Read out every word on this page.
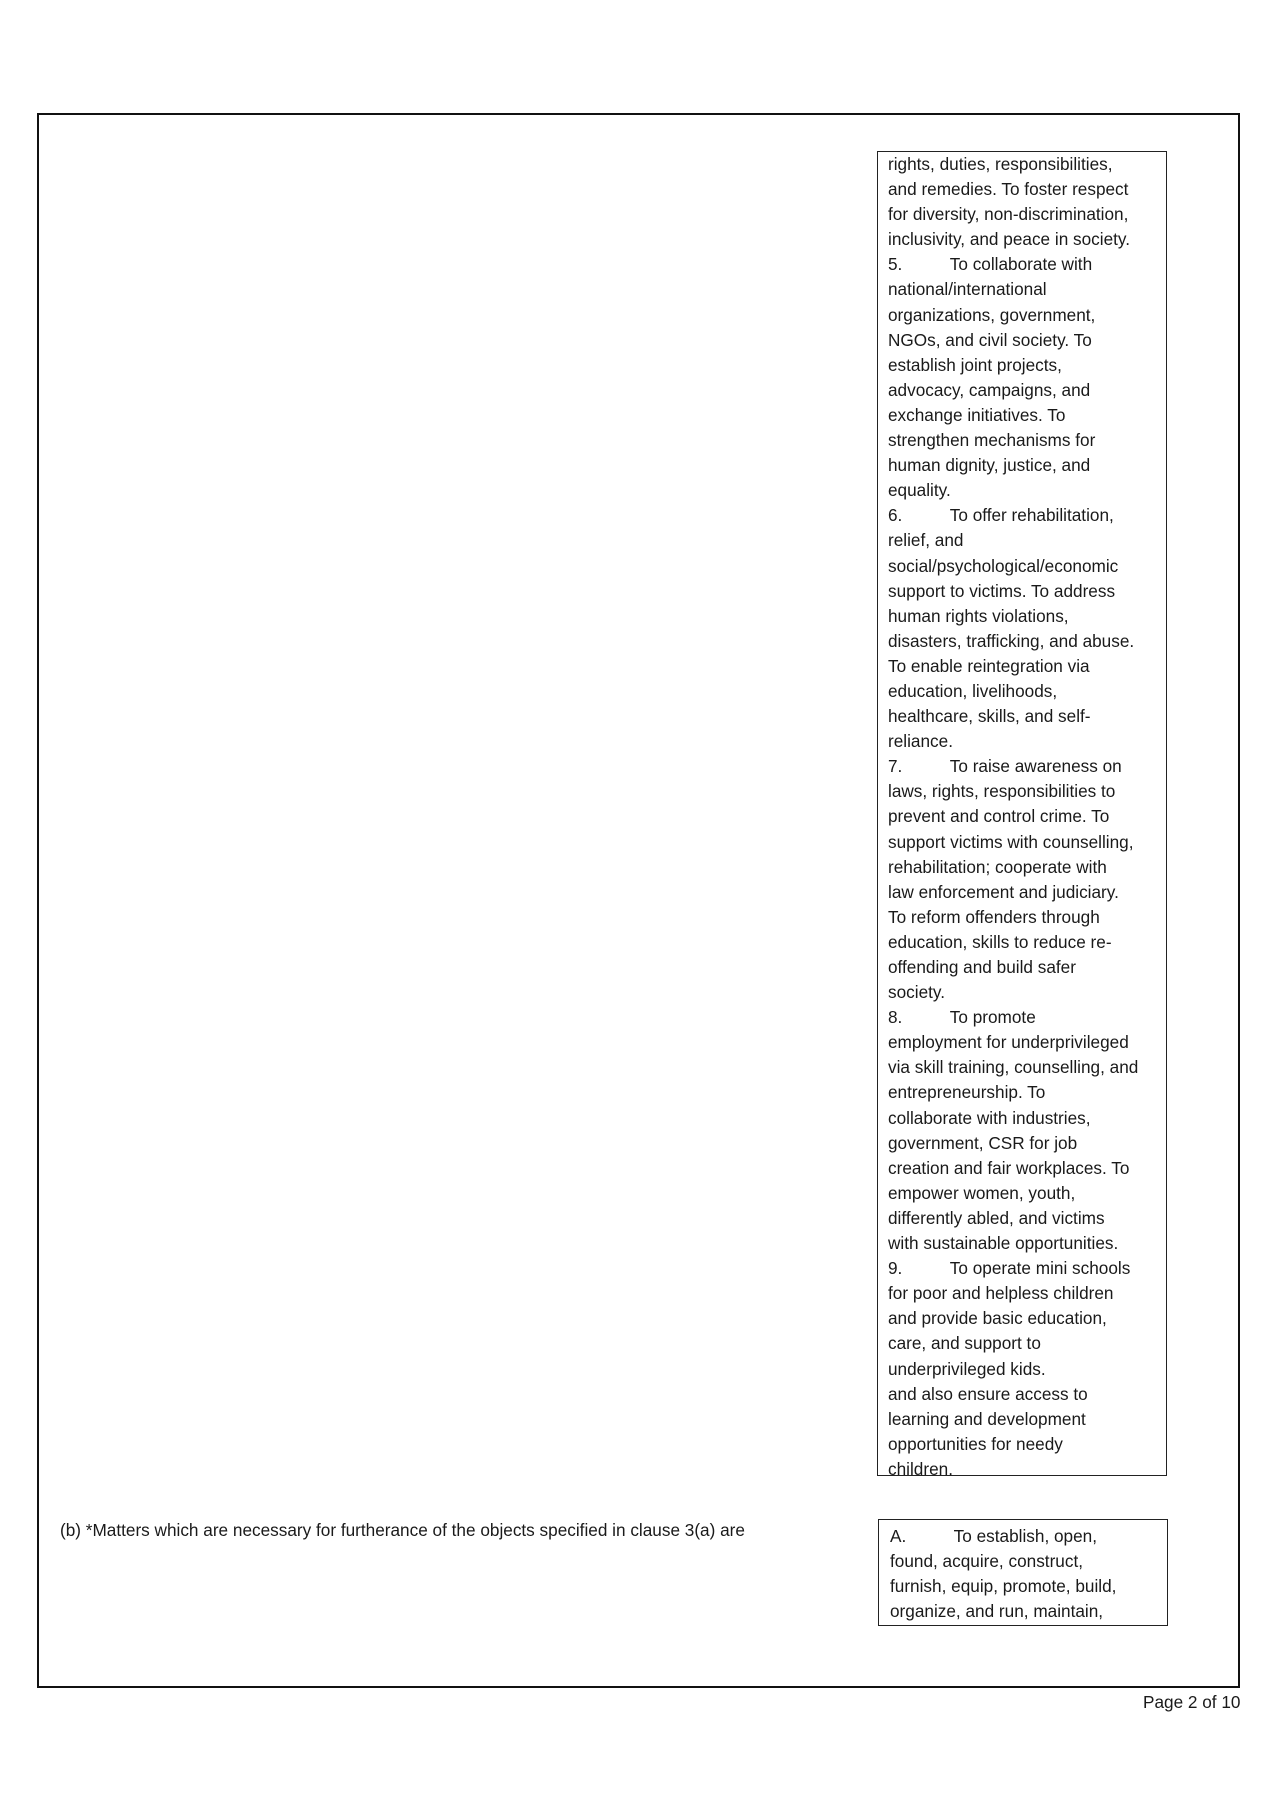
rights, duties, responsibilities,
and remedies. To foster respect
for diversity, non-discrimination,
inclusivity, and peace in society.
5.          To collaborate with
national/international
organizations, government,
NGOs, and civil society. To
establish joint projects,
advocacy, campaigns, and
exchange initiatives. To
strengthen mechanisms for
human dignity, justice, and
equality.
6.          To offer rehabilitation,
relief, and
social/psychological/economic
support to victims. To address
human rights violations,
disasters, trafficking, and abuse.
To enable reintegration via
education, livelihoods,
healthcare, skills, and self-
reliance.
7.          To raise awareness on
laws, rights, responsibilities to
prevent and control crime. To
support victims with counselling,
rehabilitation; cooperate with
law enforcement and judiciary.
To reform offenders through
education, skills to reduce re-
offending and build safer
society.
8.          To promote
employment for underprivileged
via skill training, counselling, and
entrepreneurship. To
collaborate with industries,
government, CSR for job
creation and fair workplaces. To
empower women, youth,
differently abled, and victims
with sustainable opportunities.
9.          To operate mini schools
for poor and helpless children
and provide basic education,
care, and support to
underprivileged kids.
and also ensure access to
learning and development
opportunities for needy
children.
(b) *Matters which are necessary for furtherance of the objects specified in clause 3(a) are	A.          To establish, open,
found, acquire, construct,
furnish, equip, promote, build,
organize, and run, maintain,
Page 2 of 10
